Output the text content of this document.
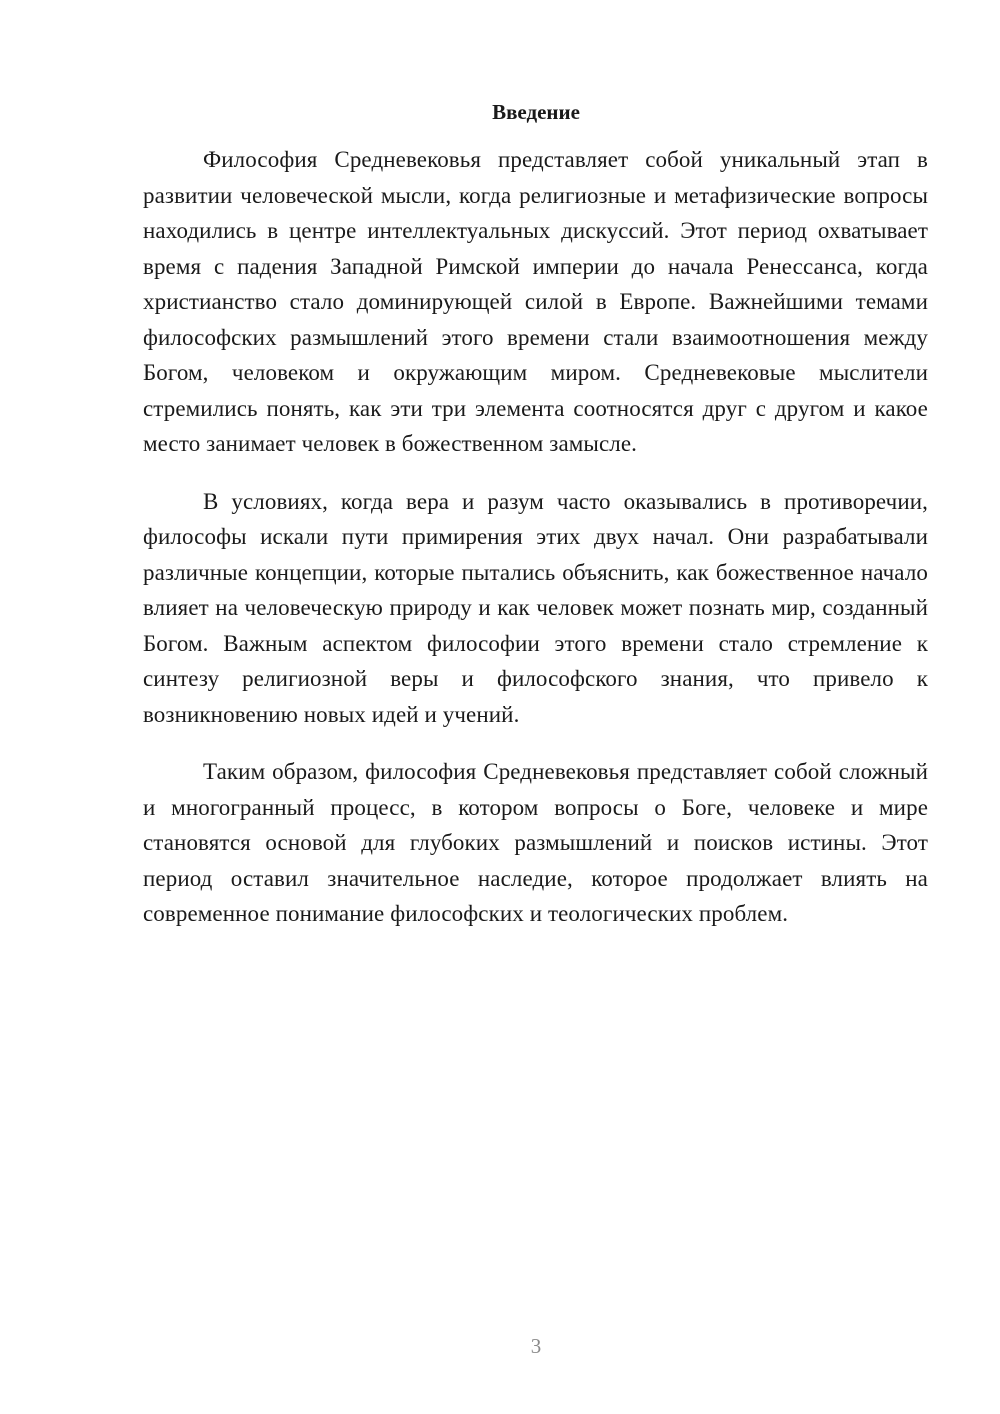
Введение

Философия Средневековья представляет собой уникальный этап в развитии человеческой мысли, когда религиозные и метафизические вопросы находились в центре интеллектуальных дискуссий. Этот период охватывает время с падения Западной Римской империи до начала Ренессанса, когда христианство стало доминирующей силой в Европе. Важнейшими темами философских размышлений этого времени стали взаимоотношения между Богом, человеком и окружающим миром. Средневековые мыслители стремились понять, как эти три элемента соотносятся друг с другом и какое место занимает человек в божественном замысле.

В условиях, когда вера и разум часто оказывались в противоречии, философы искали пути примирения этих двух начал. Они разрабатывали различные концепции, которые пытались объяснить, как божественное начало влияет на человеческую природу и как человек может познать мир, созданный Богом. Важным аспектом философии этого времени стало стремление к синтезу религиозной веры и философского знания, что привело к возникновению новых идей и учений.

Таким образом, философия Средневековья представляет собой сложный и многогранный процесс, в котором вопросы о Боге, человеке и мире становятся основой для глубоких размышлений и поисков истины. Этот период оставил значительное наследие, которое продолжает влиять на современное понимание философских и теологических проблем.

3
